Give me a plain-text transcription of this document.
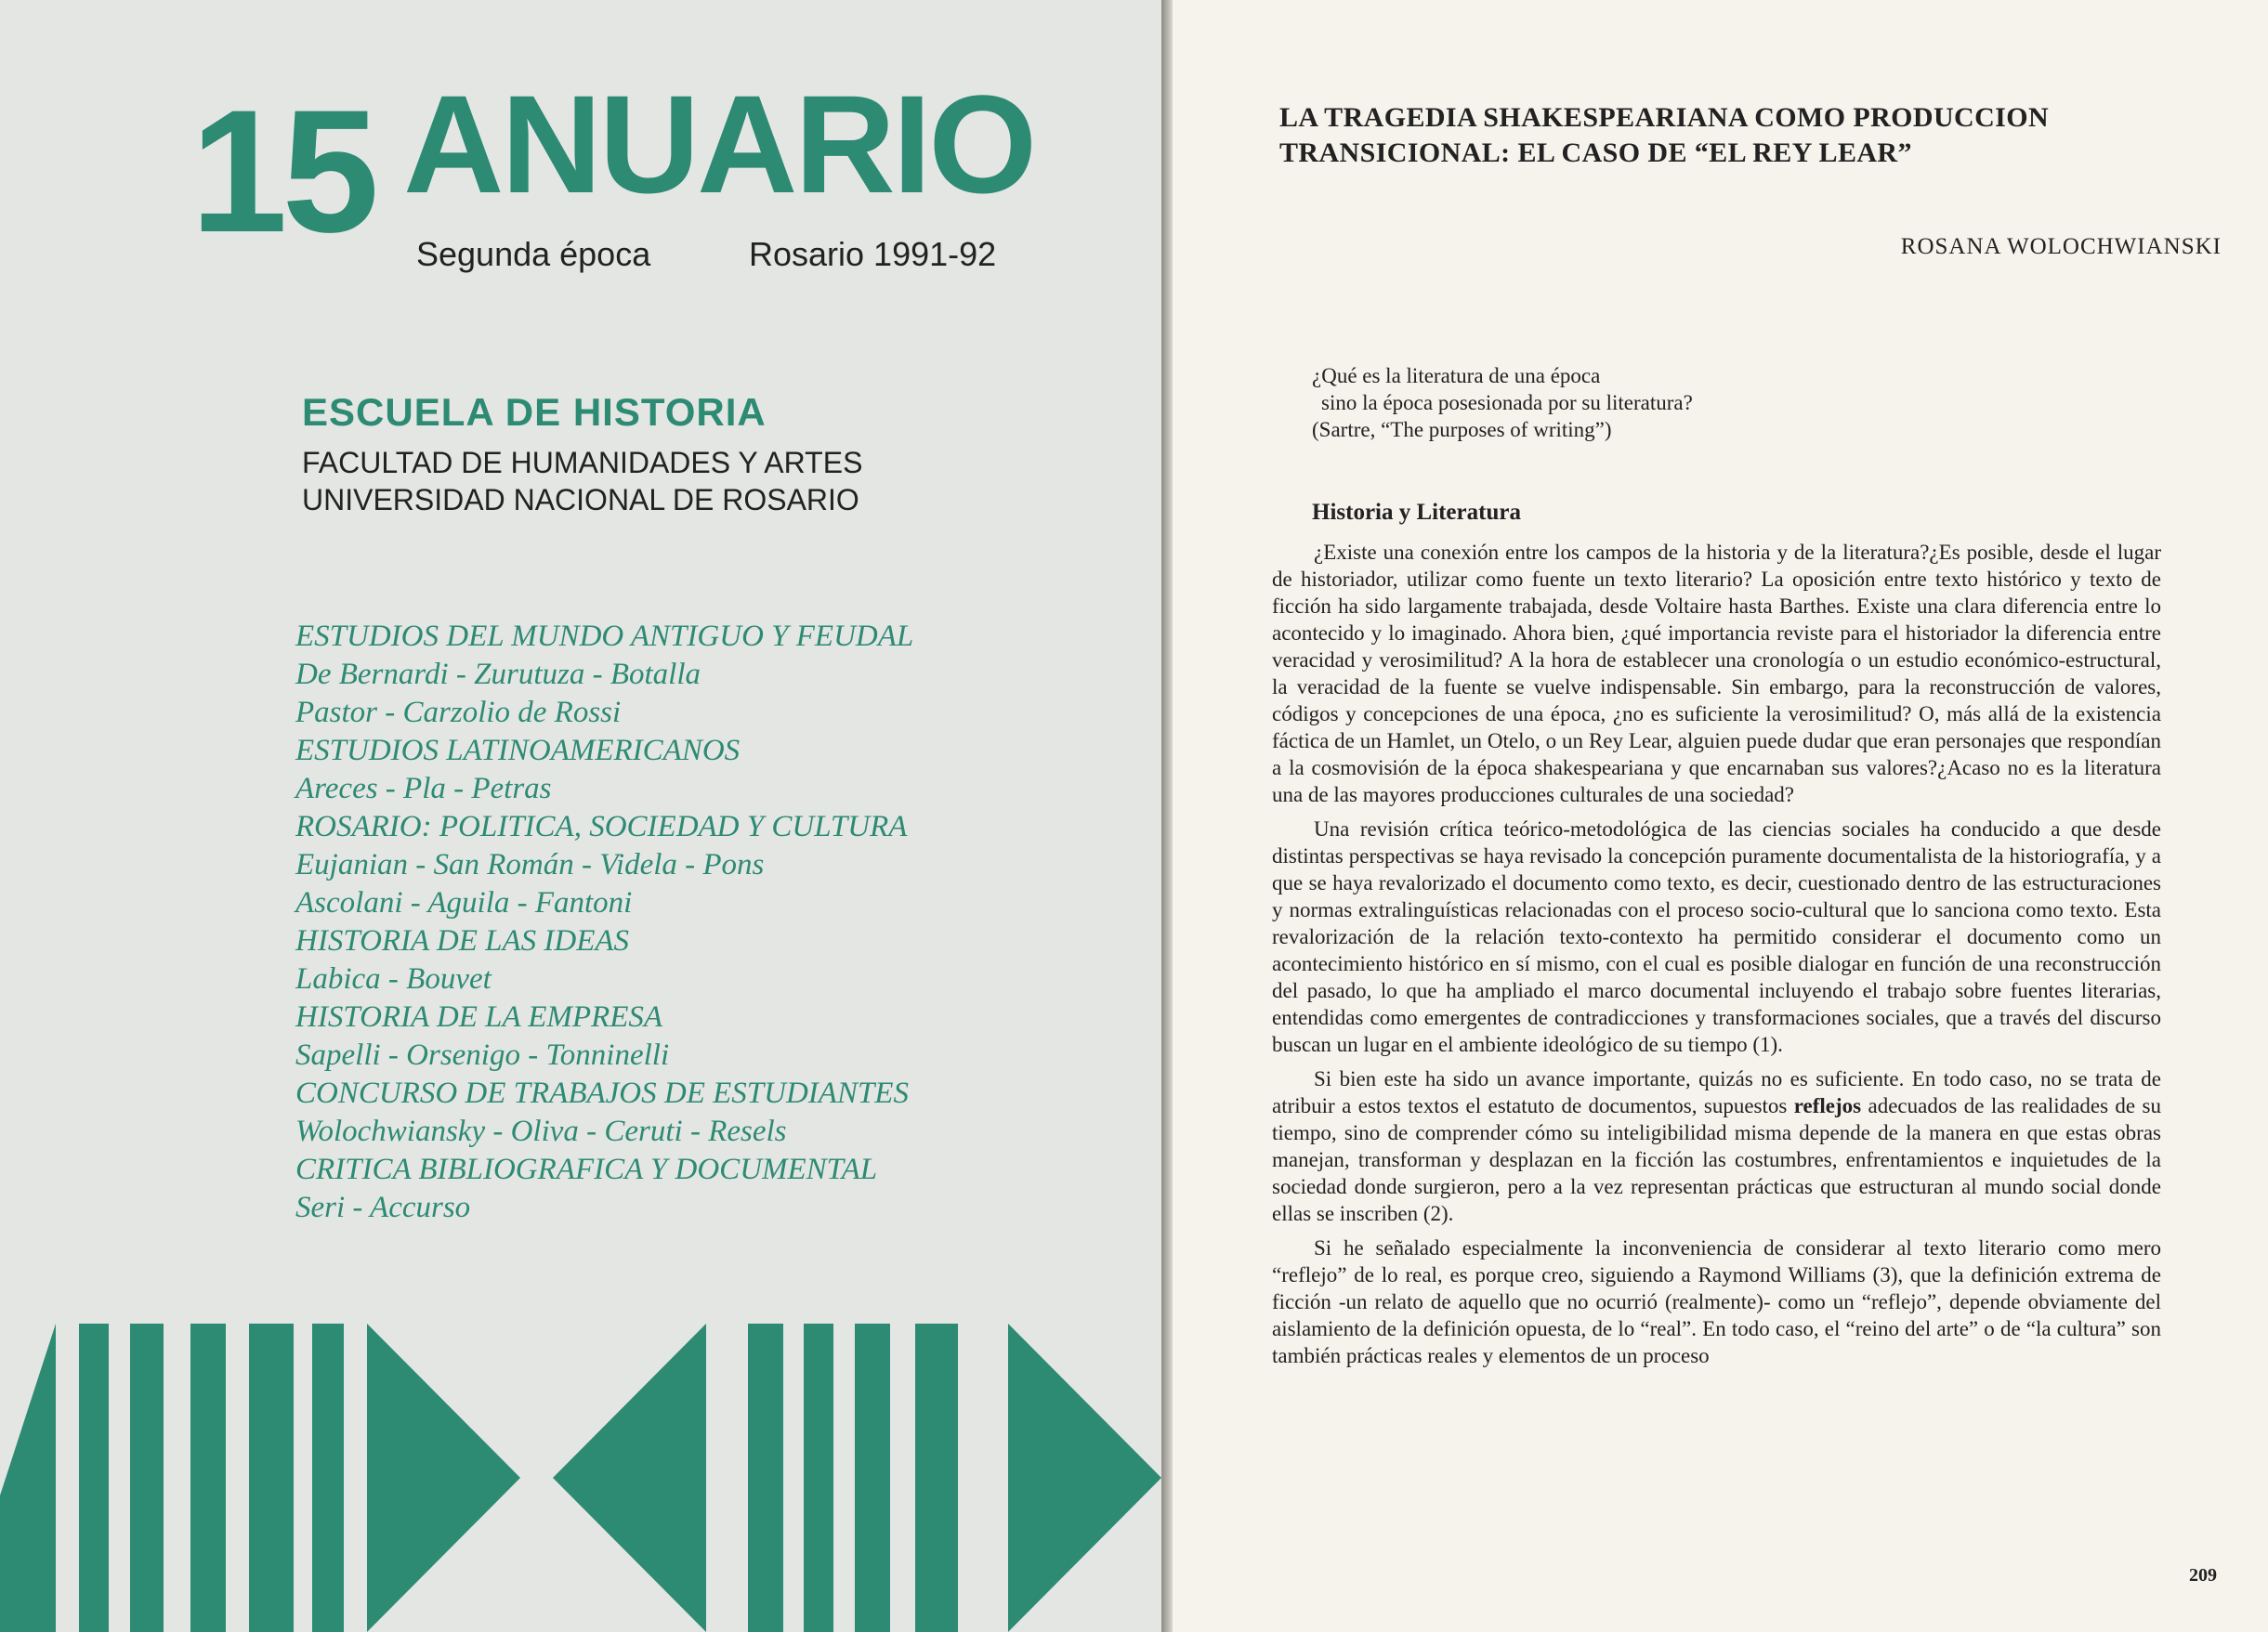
15 ANUARIO
Segunda época	Rosario 1991-92
ESCUELA DE HISTORIA
FACULTAD DE HUMANIDADES Y ARTES
UNIVERSIDAD NACIONAL DE ROSARIO
ESTUDIOS DEL MUNDO ANTIGUO Y FEUDAL
De Bernardi - Zurutuza - Botalla
Pastor - Carzolio de Rossi
ESTUDIOS LATINOAMERICANOS
Areces - Pla - Petras
ROSARIO: POLITICA, SOCIEDAD Y CULTURA
Eujanian - San Román - Videla - Pons
Ascolani - Aguila - Fantoni
HISTORIA DE LAS IDEAS
Labica - Bouvet
HISTORIA DE LA EMPRESA
Sapelli - Orsenigo - Tonninelli
CONCURSO DE TRABAJOS DE ESTUDIANTES
Wolochwiansky - Oliva - Ceruti - Resels
CRITICA BIBLIOGRAFICA Y DOCUMENTAL
Seri - Accurso
LA TRAGEDIA SHAKESPEARIANA COMO PRODUCCION
TRANSICIONAL: EL CASO DE “EL REY LEAR”
ROSANA WOLOCHWIANSKI
¿Qué es la literatura de una época
sino la época posesionada por su literatura?
(Sartre, “The purposes of writing”)
Historia y Literatura

¿Existe una conexión entre los campos de la historia y de la literatura?¿Es posible, desde el lugar de historiador, utilizar como fuente un texto literario? La oposición entre texto histórico y texto de ficción ha sido largamente trabajada, desde Voltaire hasta Barthes. Existe una clara diferencia entre lo acontecido y lo imaginado. Ahora bien, ¿qué importancia reviste para el historiador la diferencia entre veracidad y verosimilitud? A la hora de establecer una cronología o un estudio económico-estructural, la veracidad de la fuente se vuelve indispensable. Sin embargo, para la reconstrucción de valores, códigos y concepciones de una época, ¿no es suficiente la verosimilitud? O, más allá de la existencia fáctica de un Hamlet, un Otelo, o un Rey Lear, alguien puede dudar que eran personajes que respondían a la cosmovisión de la época shakespeariana y que encarnaban sus valores?¿Acaso no es la literatura una de las mayores producciones culturales de una sociedad?

Una revisión crítica teórico-metodológica de las ciencias sociales ha conducido a que desde distintas perspectivas se haya revisado la concepción puramente documentalista de la historiografía, y a que se haya revalorizado el documento como texto, es decir, cuestionado dentro de las estructuraciones y normas extralinguísticas relacionadas con el proceso socio-cultural que lo sanciona como texto. Esta revalorización de la relación texto-contexto ha permitido considerar el documento como un acontecimiento histórico en sí mismo, con el cual es posible dialogar en función de una reconstrucción del pasado, lo que ha ampliado el marco documental incluyendo el trabajo sobre fuentes literarias, entendidas como emergentes de contradicciones y transformaciones sociales, que a través del discurso buscan un lugar en el ambiente ideológico de su tiempo (1).

Si bien este ha sido un avance importante, quizás no es suficiente. En todo caso, no se trata de atribuir a estos textos el estatuto de documentos, supuestos reflejos adecuados de las realidades de su tiempo, sino de comprender cómo su inteligibilidad misma depende de la manera en que estas obras manejan, transforman y desplazan en la ficción las costumbres, enfrentamientos e inquietudes de la sociedad donde surgieron, pero a la vez representan prácticas que estructuran al mundo social donde ellas se inscriben (2).

Si he señalado especialmente la inconveniencia de considerar al texto literario como mero “reflejo” de lo real, es porque creo, siguiendo a Raymond Williams (3), que la definición extrema de ficción -un relato de aquello que no ocurrió (realmente)- como un “reflejo”, depende obviamente del aislamiento de la definición opuesta, de lo “real”. En todo caso, el “reino del arte” o de “la cultura” son también prácticas reales y elementos de un proceso

209
